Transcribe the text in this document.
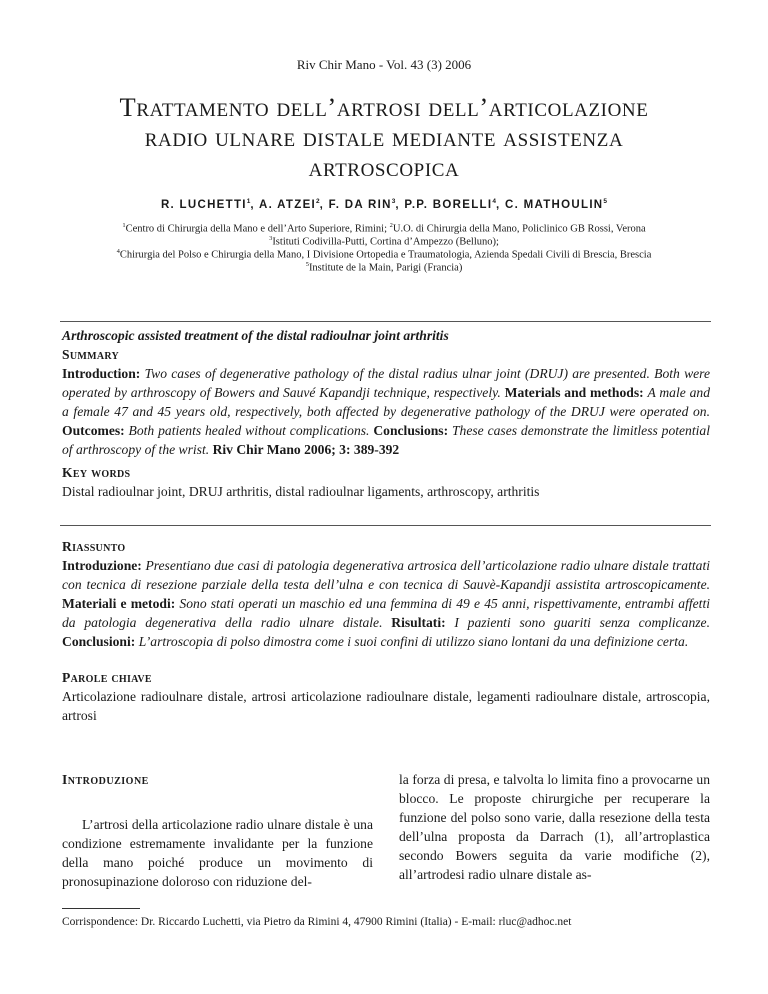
Riv Chir Mano - Vol. 43 (3) 2006
Trattamento dell’artrosi dell’articolazione
radio ulnare distale mediante assistenza
artroscopica
R. LUCHETTI$^1$, A. ATZEI$^2$, F. DA RIN$^3$, P.P. BORELLI$^4$, C. MATHOULIN$^5$
$^1$Centro di Chirurgia della Mano e dell’Arto Superiore, Rimini; $^2$U.O. di Chirurgia della Mano, Policlinico GB Rossi, Verona
$^3$Istituti Codivilla-Putti, Cortina d’Ampezzo (Belluno);
$^4$Chirurgia del Polso e Chirurgia della Mano, I Divisione Ortopedia e Traumatologia, Azienda Spedali Civili di Brescia, Brescia
$^5$Institute de la Main, Parigi (Francia)
Arthroscopic assisted treatment of the distal radioulnar joint arthritis
Summary
Introduction: Two cases of degenerative pathology of the distal radius ulnar joint (DRUJ) are presented. Both were operated by arthroscopy of Bowers and Sauvé Kapandji technique, respectively. Materials and methods: A male and a female 47 and 45 years old, respectively, both affected by degenerative pathology of the DRUJ were operated on. Outcomes: Both patients healed without complications. Conclusions: These cases demonstrate the limitless potential of arthroscopy of the wrist. Riv Chir Mano 2006; 3: 389-392
Key words
Distal radioulnar joint, DRUJ arthritis, distal radioulnar ligaments, arthroscopy, arthritis
Riassunto
Introduzione: Presentiano due casi di patologia degenerativa artrosica dell’articolazione radio ulnare distale trattati con tecnica di resezione parziale della testa dell’ulna e con tecnica di Sauvè-Kapandji assistita artroscopicamente. Materiali e metodi: Sono stati operati un maschio ed una femmina di 49 e 45 anni, rispettivamente, entrambi affetti da patologia degenerativa della radio ulnare distale. Risultati: I pazienti sono guariti senza complicanze. Conclusioni: L’artroscopia di polso dimostra come i suoi confini di utilizzo siano lontani da una definizione certa.
Parole chiave
Articolazione radioulnare distale, artrosi articolazione radioulnare distale, legamenti radioulnare distale, artroscopia, artrosi
Introduzione
L’artrosi della articolazione radio ulnare distale è una condizione estremamente invalidante per la funzione della mano poiché produce un movimento di pronosupinazione doloroso con riduzione del-
la forza di presa, e talvolta lo limita fino a provocarne un blocco. Le proposte chirurgiche per recuperare la funzione del polso sono varie, dalla resezione della testa dell’ulna proposta da Darrach (1), all’artroplastica secondo Bowers seguita da varie modifiche (2), all’artrodesi radio ulnare distale as-
Corrispondence: Dr. Riccardo Luchetti, via Pietro da Rimini 4, 47900 Rimini (Italia) - E-mail: rluc@adhoc.net
